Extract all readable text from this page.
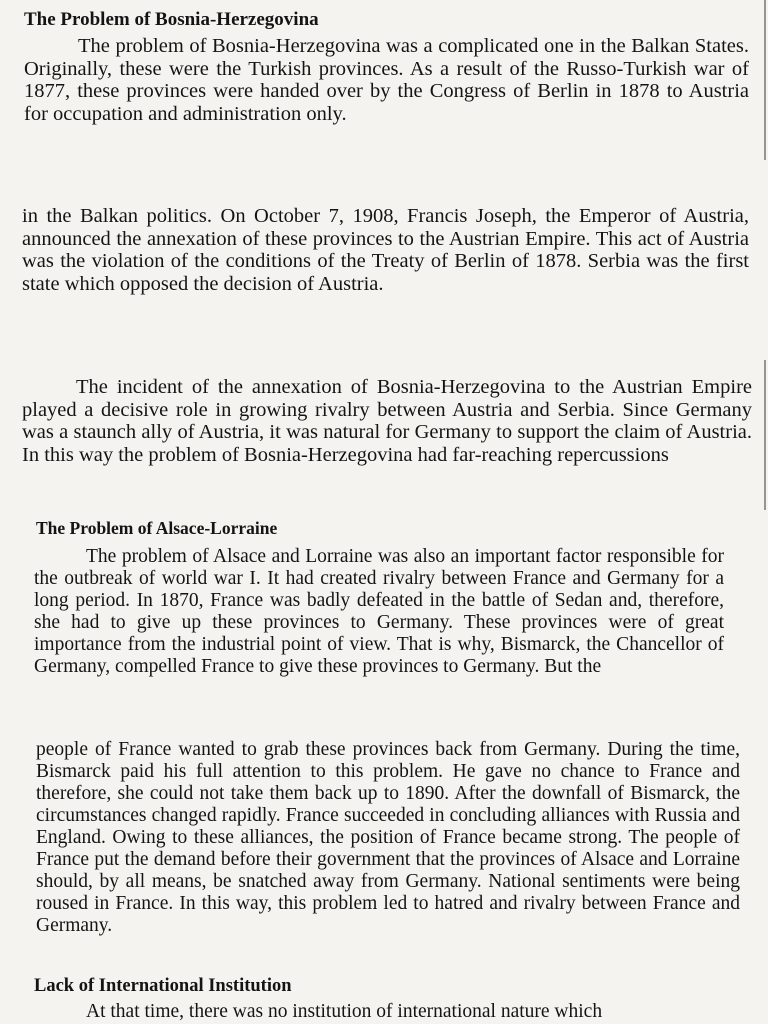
The Problem of Bosnia-Herzegovina

The problem of Bosnia-Herzegovina was a complicated one in the Balkan States. Originally, these were the Turkish provinces. As a result of the Russo-Turkish war of 1877, these provinces were handed over by the Congress of Berlin in 1878 to Austria for occupation and administration only.

in the Balkan politics. On October 7, 1908, Francis Joseph, the Emperor of Austria, announced the annexation of these provinces to the Austrian Empire. This act of Austria was the violation of the conditions of the Treaty of Berlin of 1878. Serbia was the first state which opposed the decision of Austria.

The incident of the annexation of Bosnia-Herzegovina to the Austrian Empire played a decisive role in growing rivalry between Austria and Serbia. Since Germany was a staunch ally of Austria, it was natural for Germany to support the claim of Austria. In this way the problem of Bosnia-Herzegovina had far-reaching repercussions

The Problem of Alsace-Lorraine

The problem of Alsace and Lorraine was also an important factor responsible for the outbreak of world war I. It had created rivalry between France and Germany for a long period. In 1870, France was badly defeated in the battle of Sedan and, therefore, she had to give up these provinces to Germany. These provinces were of great importance from the industrial point of view. That is why, Bismarck, the Chancellor of Germany, compelled France to give these provinces to Germany. But the

people of France wanted to grab these provinces back from Germany. During the time, Bismarck paid his full attention to this problem. He gave no chance to France and therefore, she could not take them back up to 1890. After the downfall of Bismarck, the circumstances changed rapidly. France succeeded in concluding alliances with Russia and England. Owing to these alliances, the position of France became strong. The people of France put the demand before their government that the provinces of Alsace and Lorraine should, by all means, be snatched away from Germany. National sentiments were being roused in France. In this way, this problem led to hatred and rivalry between France and Germany.

Lack of International Institution

At that time, there was no institution of international nature which
